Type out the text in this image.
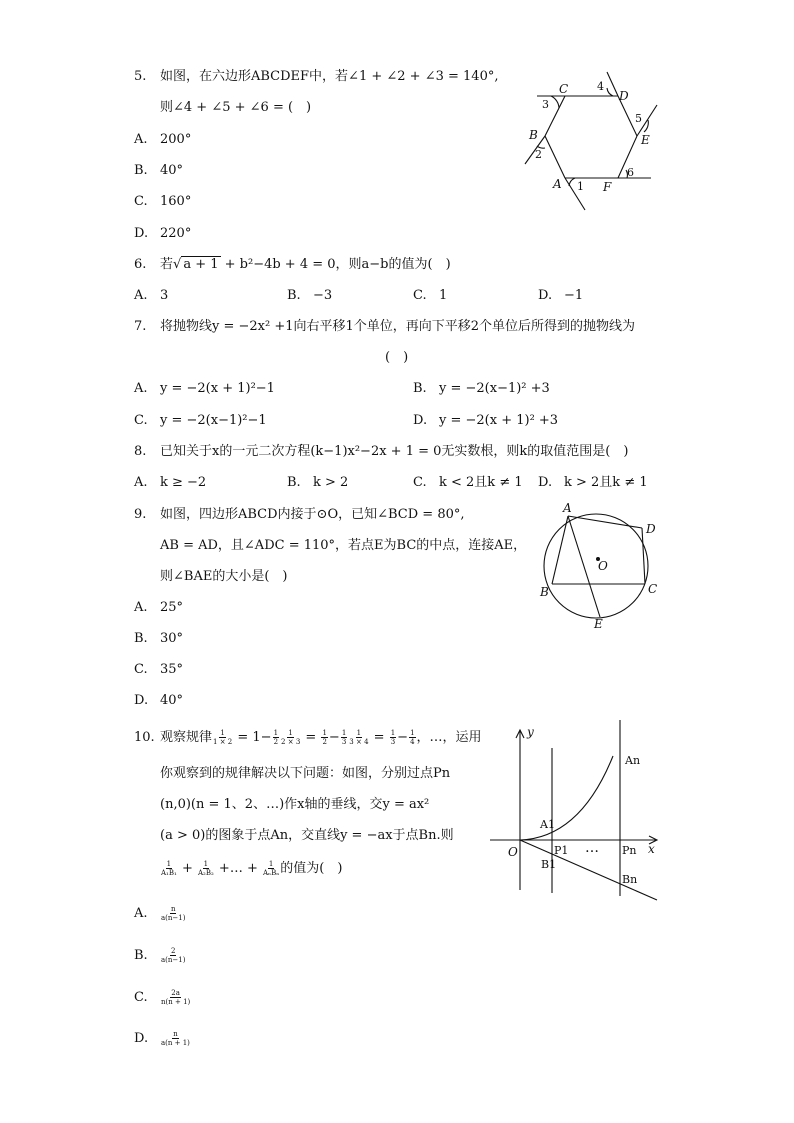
5. 如图，在六边形ABCDEF中，若∠1 + ∠2 + ∠3 = 140°,
则∠4 + ∠5 + ∠6 = (　)
A. 200°
B. 40°
C. 160°
D. 220°
C	D
B	E
A	F
3
4
5
6
1
2
6. 若√ a + 1 + b²−4b + 4 = 0，则a−b的值为(　)
A. 3	B. −3	C. 1	D. −1
7. 将抛物线y = −2x² +1向右平移1个单位，再向下平移2个单位后所得到的抛物线为
(　)
A. y = −2(x + 1)²−1	B. y = −2(x−1)² +3
C. y = −2(x−1)²−1	D. y = −2(x + 1)² +3
8. 已知关于x的一元二次方程(k−1)x²−2x + 1 = 0无实数根，则k的取值范围是(　)
A. k ≥ −2	B. k > 2	C. k < 2且k ≠ 1 D. k > 2且k ≠ 1
9. 如图，四边形ABCD内接于⊙O，已知∠BCD = 80°,
AB = AD，且∠ADC = 110°，若点E为BC的中点，连接AE，
则∠BAE的大小是(　)
A. 25°
B. 30°
C. 35°
D. 40°
A
B	C
D
E
O
10. 观察规律 $\frac{1}{1 \times 2} = 1- \frac{1}{2} \frac{1}{2 \times 3} = \frac{1}{2} - \frac{1}{3} \frac{1}{3 \times 4} = \frac{1}{3} - \frac{1}{4}$ ，…，运用
你观察到的规律解决以下问题：如图，分别过点Pn
(n,0)(n = 1、2、…)作x轴的垂线，交y = ax²
(a > 0)的图象于点An，交直线y = −ax于点Bn.则
$\frac{1}{\text{A₁B₁}} + \frac{1}{\text{A₂B₂}}$ +… + $\frac{1}{\text{AₙBₙ}}$ 的值为(　)
A. $\frac{n}{a(n-1)}$
B. $\frac{2}{a(n-1)}$
C. $\frac{2a}{n(n + 1)}$
D. $\frac{n}{a(n + 1)}$
y
x
O
An
A1
P1	Pn
B1
Bn
…
